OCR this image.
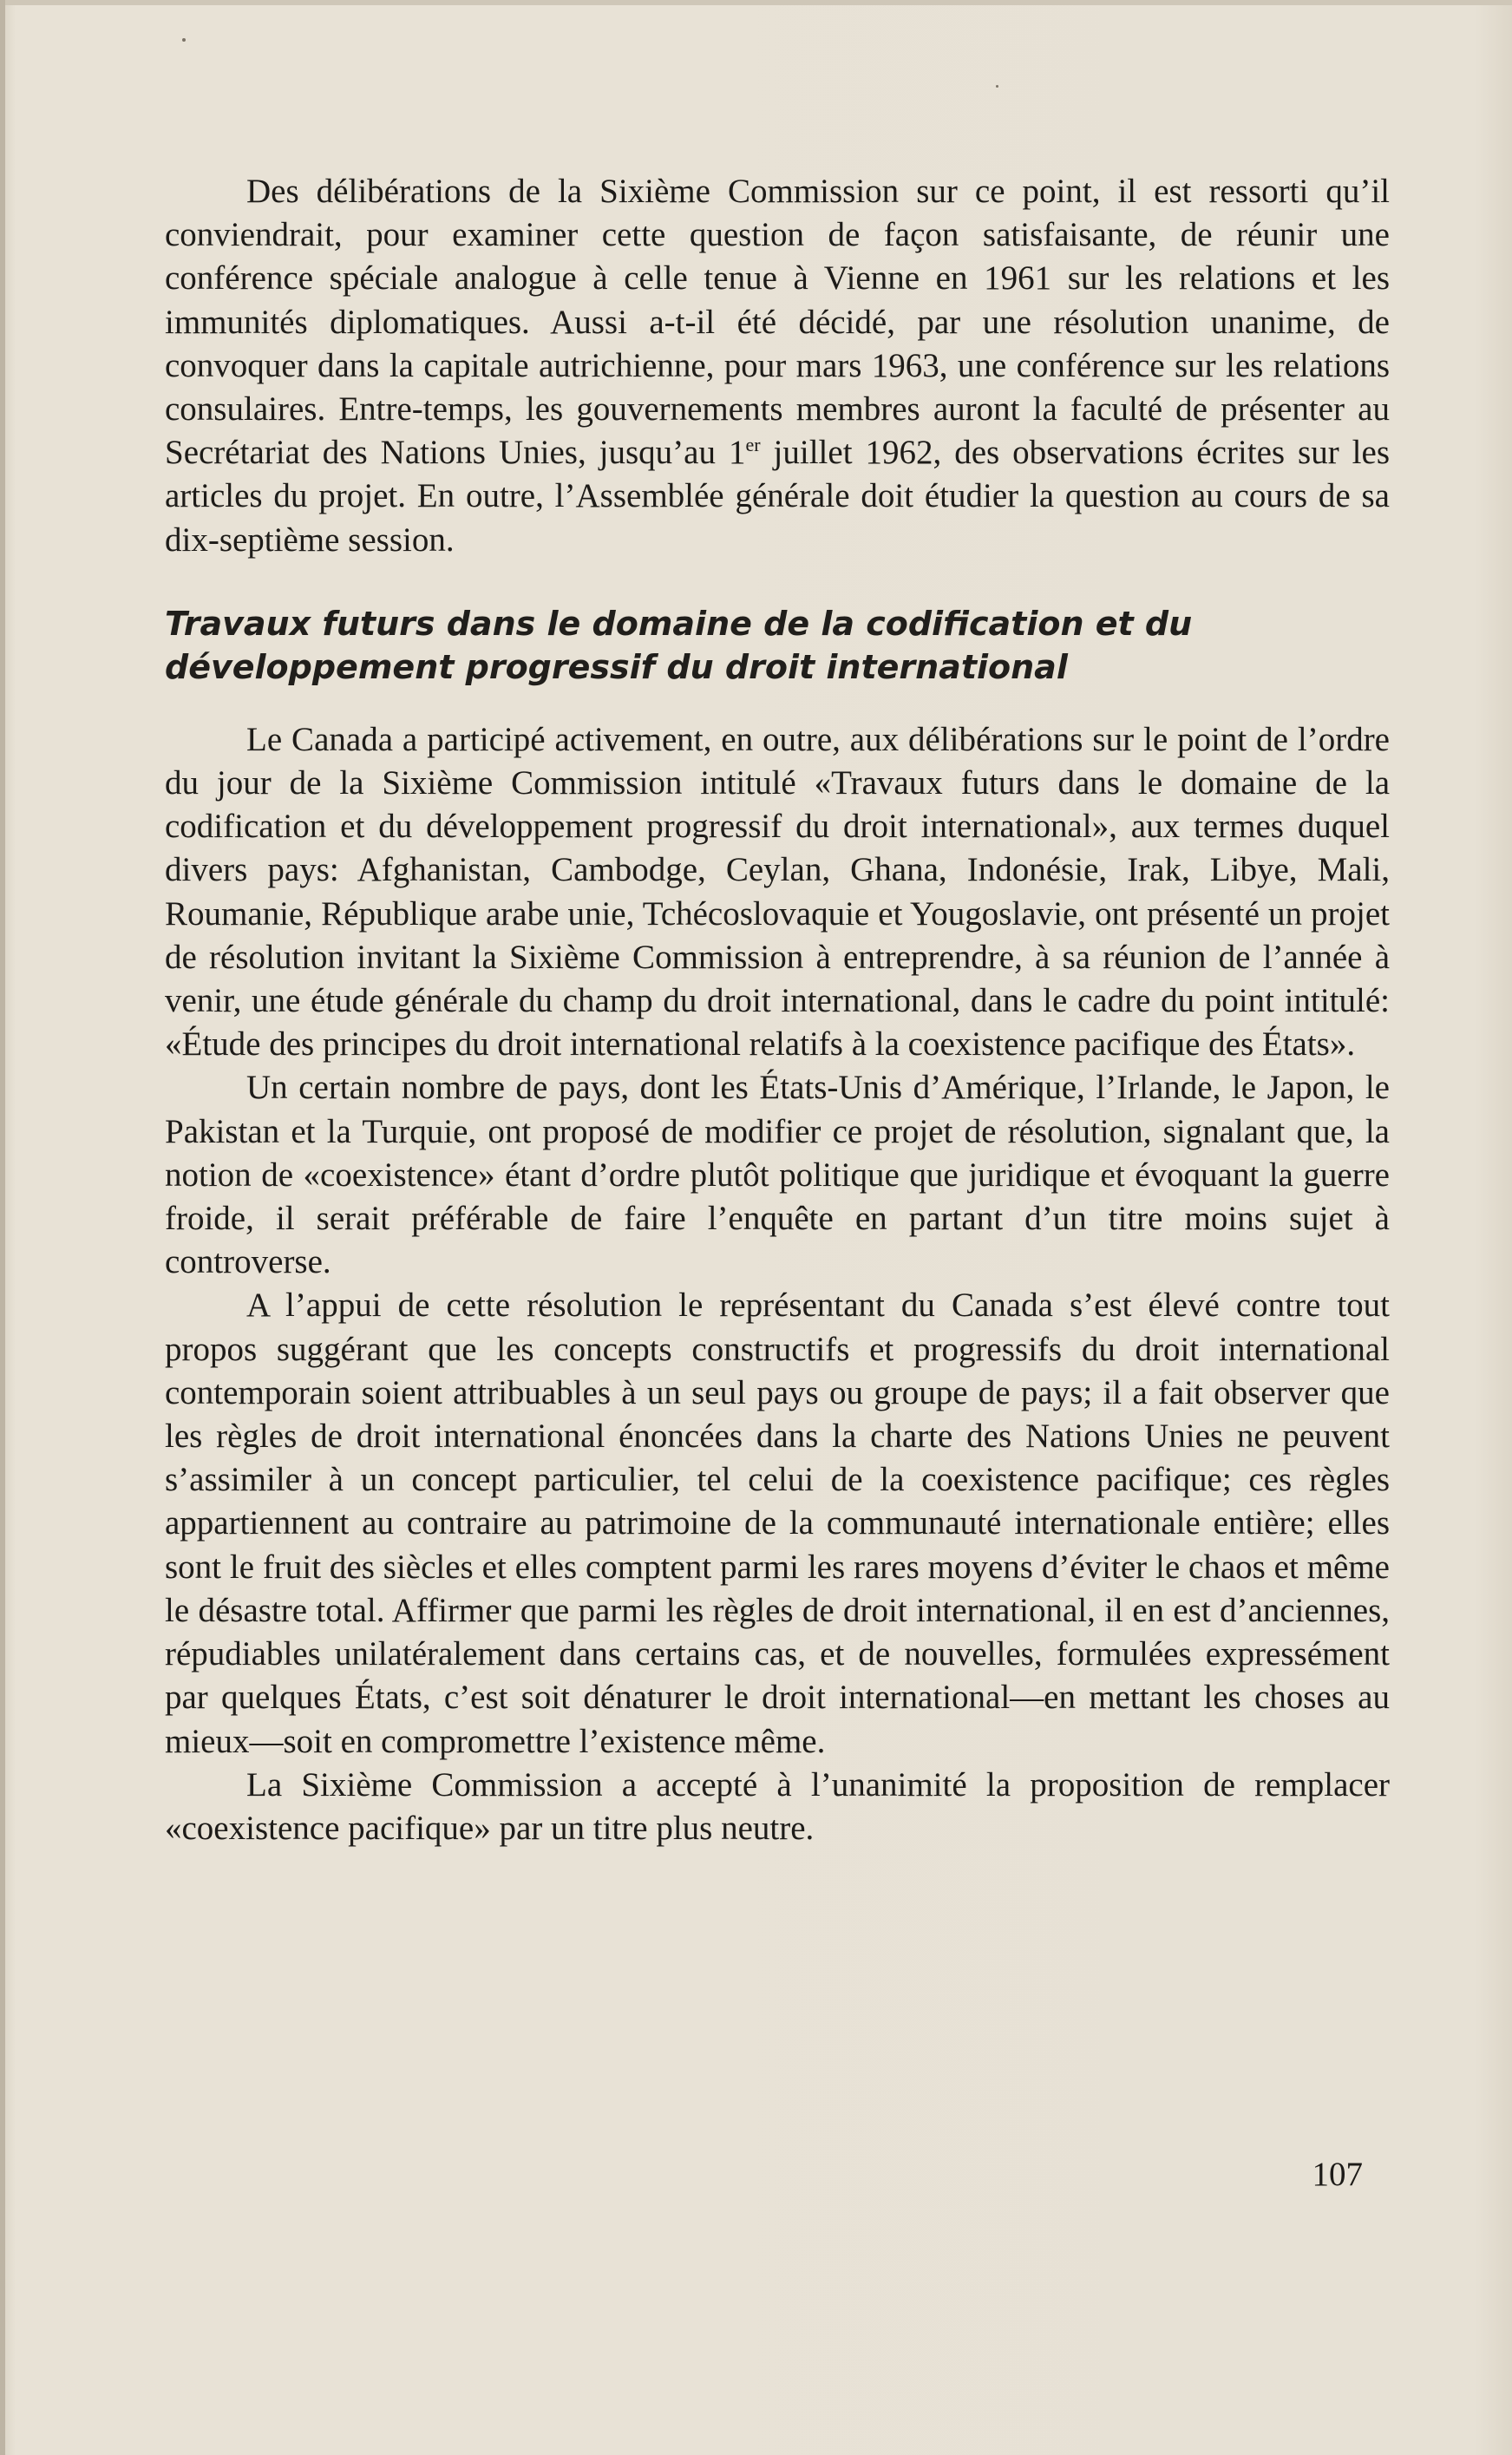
Des délibérations de la Sixième Commission sur ce point, il est ressorti qu’il conviendrait, pour examiner cette question de façon satisfaisante, de réunir une conférence spéciale analogue à celle tenue à Vienne en 1961 sur les relations et les immunités diplomatiques. Aussi a-t-il été décidé, par une résolution unanime, de convoquer dans la capitale autrichienne, pour mars 1963, une conférence sur les relations consulaires. Entre-temps, les gouvernements membres auront la faculté de présenter au Secrétariat des Nations Unies, jusqu’au 1er juillet 1962, des observations écrites sur les articles du projet. En outre, l’Assemblée générale doit étudier la question au cours de sa dix-septième session.

Travaux futurs dans le domaine de la codification et du développement progressif du droit international

Le Canada a participé activement, en outre, aux délibérations sur le point de l’ordre du jour de la Sixième Commission intitulé «Travaux futurs dans le domaine de la codification et du développement progressif du droit international», aux termes duquel divers pays: Afghanistan, Cambodge, Ceylan, Ghana, Indonésie, Irak, Libye, Mali, Roumanie, République arabe unie, Tchécoslovaquie et Yougoslavie, ont présenté un projet de résolution invitant la Sixième Commission à entreprendre, à sa réunion de l’année à venir, une étude générale du champ du droit international, dans le cadre du point intitulé: «Étude des principes du droit international relatifs à la coexistence pacifique des États».

Un certain nombre de pays, dont les États-Unis d’Amérique, l’Irlande, le Japon, le Pakistan et la Turquie, ont proposé de modifier ce projet de résolution, signalant que, la notion de «coexistence» étant d’ordre plutôt politique que juridique et évoquant la guerre froide, il serait préférable de faire l’enquête en partant d’un titre moins sujet à controverse.

A l’appui de cette résolution le représentant du Canada s’est élevé contre tout propos suggérant que les concepts constructifs et progressifs du droit international contemporain soient attribuables à un seul pays ou groupe de pays; il a fait observer que les règles de droit international énoncées dans la charte des Nations Unies ne peuvent s’assimiler à un concept particulier, tel celui de la coexistence pacifique; ces règles appartiennent au contraire au patrimoine de la communauté internationale entière; elles sont le fruit des siècles et elles comptent parmi les rares moyens d’éviter le chaos et même le désastre total. Affirmer que parmi les règles de droit international, il en est d’anciennes, répudiables unilatéralement dans certains cas, et de nouvelles, formulées expressément par quelques États, c’est soit dénaturer le droit international—en mettant les choses au mieux—soit en compromettre l’existence même.

La Sixième Commission a accepté à l’unanimité la proposition de remplacer «coexistence pacifique» par un titre plus neutre.

107
